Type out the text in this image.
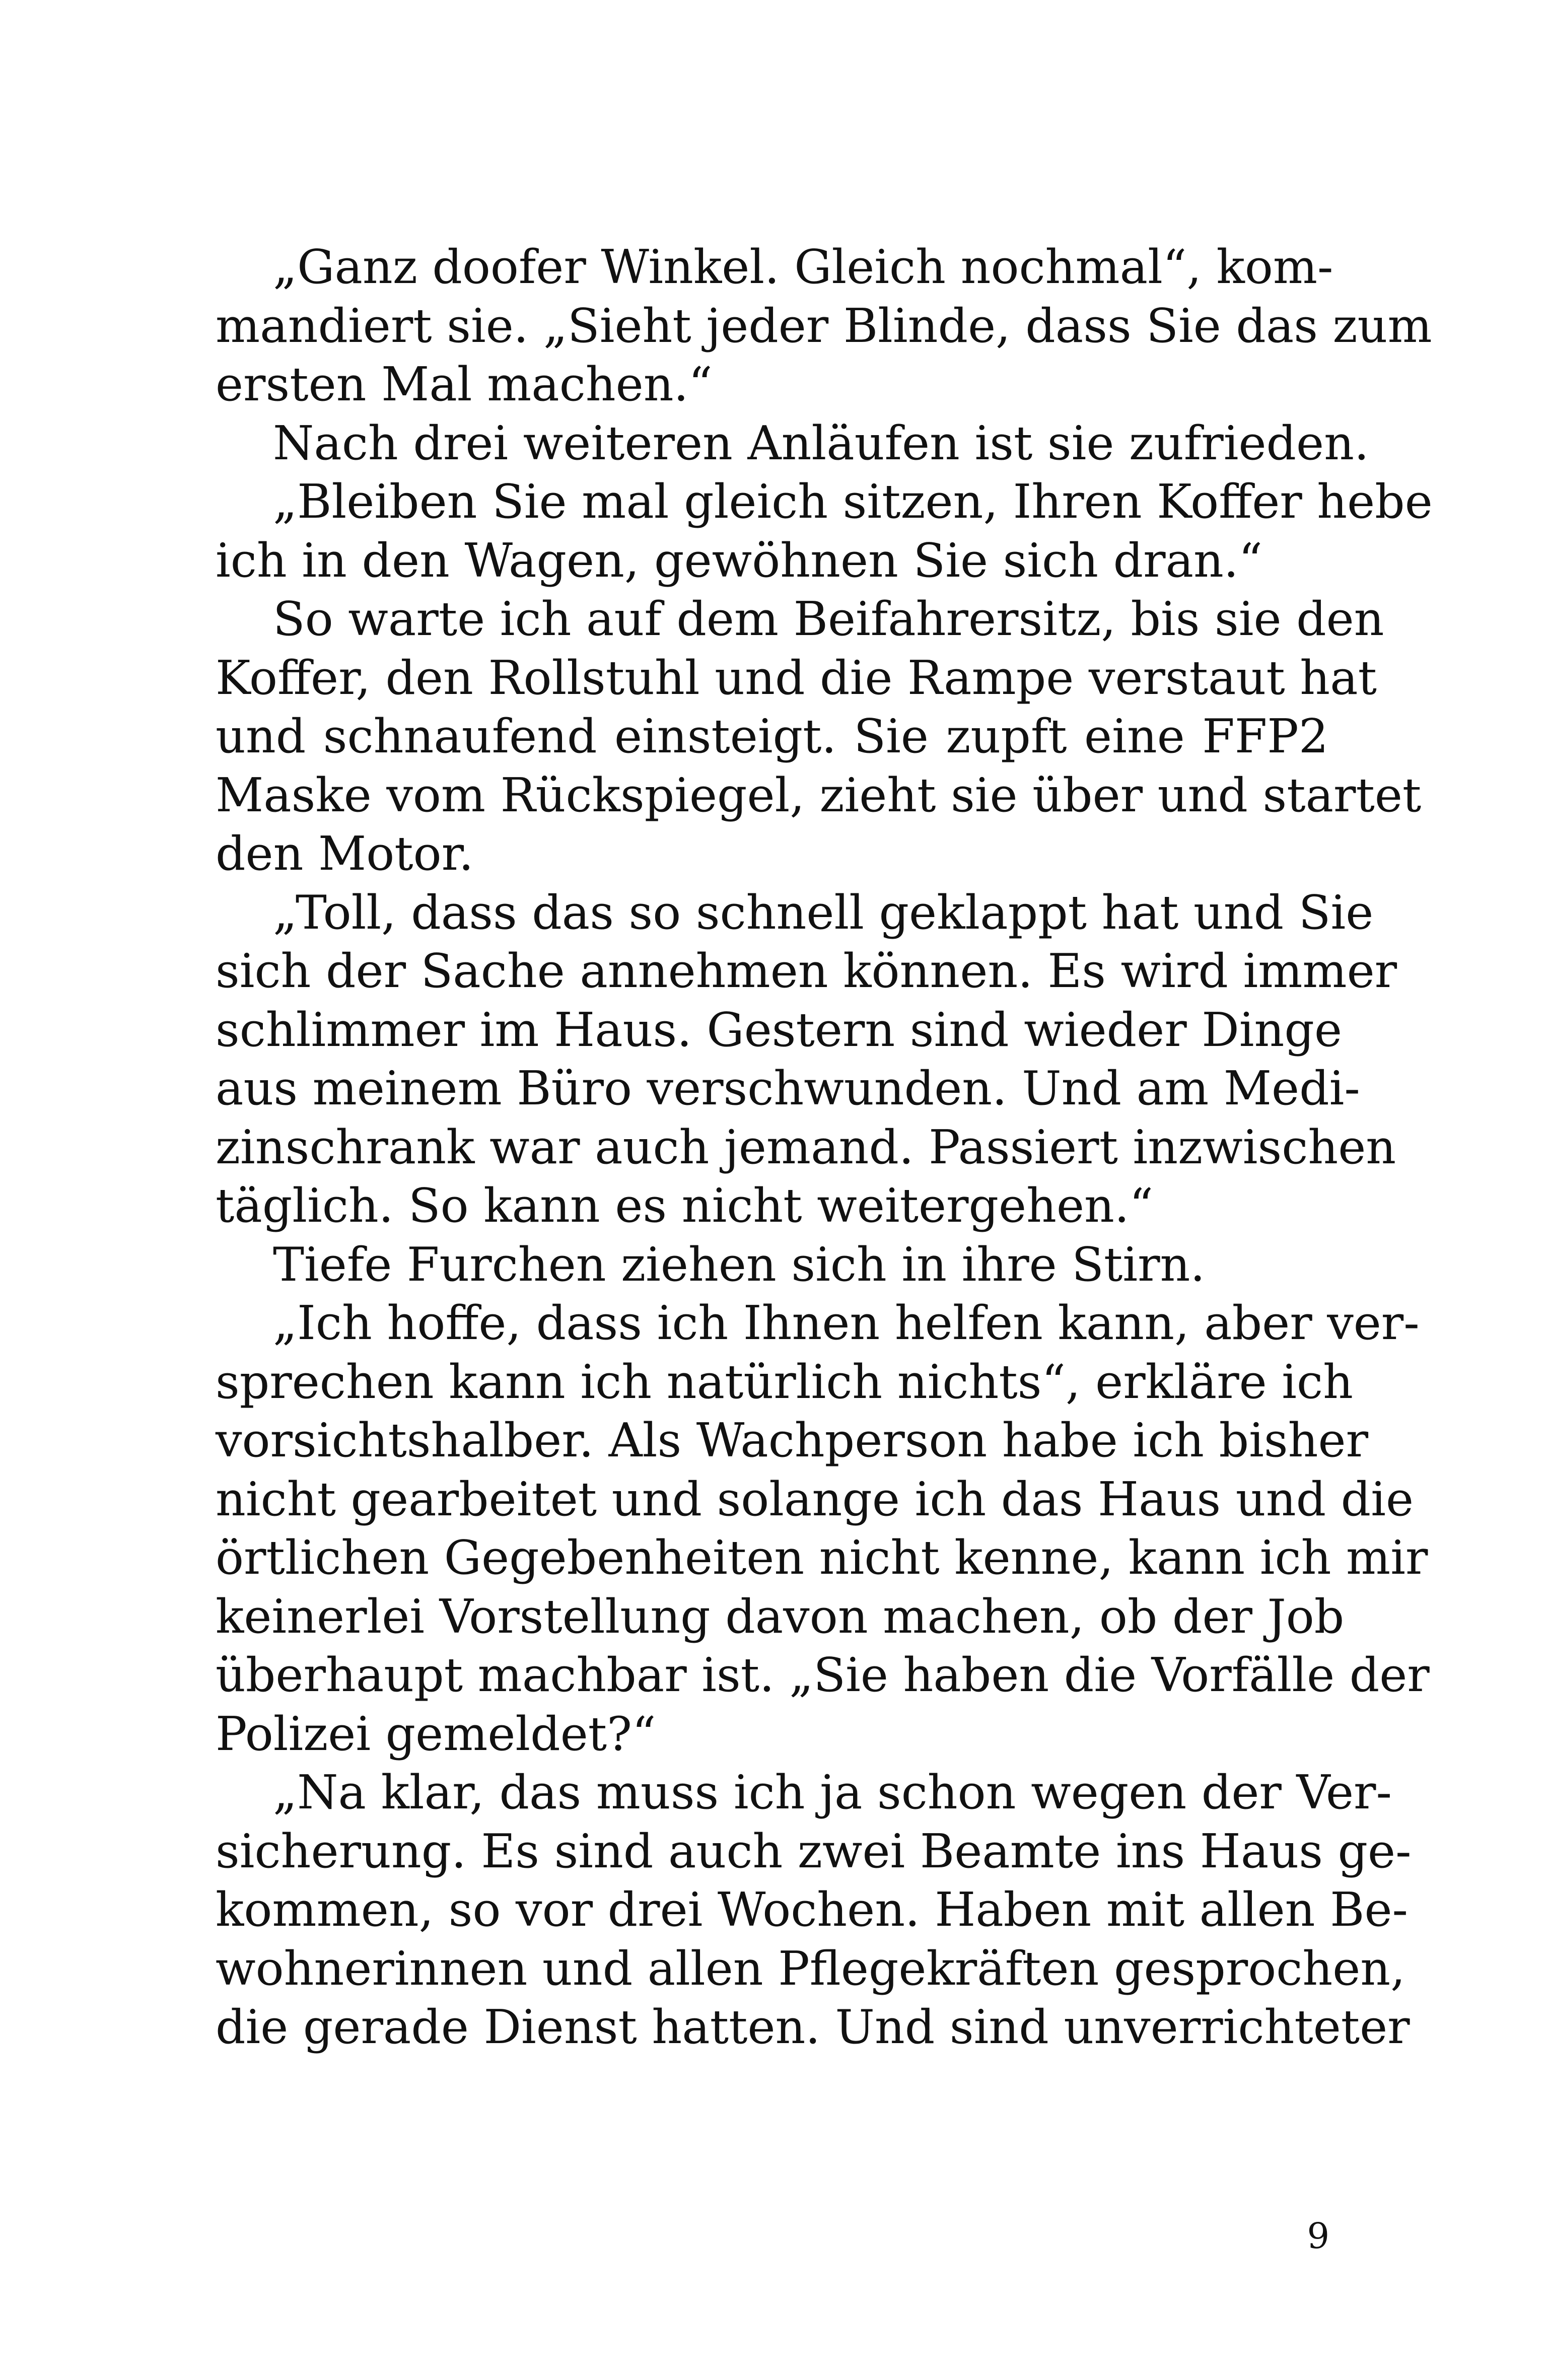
„Ganz doofer Winkel. Gleich nochmal“, kom-
mandiert sie. „Sieht jeder Blinde, dass Sie das zum
ersten Mal machen.“
Nach drei weiteren Anläufen ist sie zufrieden.
„Bleiben Sie mal gleich sitzen, Ihren Koffer hebe
ich in den Wagen, gewöhnen Sie sich dran.“
So warte ich auf dem Beifahrersitz, bis sie den
Koffer, den Rollstuhl und die Rampe verstaut hat
und schnaufend einsteigt. Sie zupft eine FFP2
Maske vom Rückspiegel, zieht sie über und startet
den Motor.
„Toll, dass das so schnell geklappt hat und Sie
sich der Sache annehmen können. Es wird immer
schlimmer im Haus. Gestern sind wieder Dinge
aus meinem Büro verschwunden. Und am Medi-
zinschrank war auch jemand. Passiert inzwischen
täglich. So kann es nicht weitergehen.“
Tiefe Furchen ziehen sich in ihre Stirn.
„Ich hoffe, dass ich Ihnen helfen kann, aber ver-
sprechen kann ich natürlich nichts“, erkläre ich
vorsichtshalber. Als Wachperson habe ich bisher
nicht gearbeitet und solange ich das Haus und die
örtlichen Gegebenheiten nicht kenne, kann ich mir
keinerlei Vorstellung davon machen, ob der Job
überhaupt machbar ist. „Sie haben die Vorfälle der
Polizei gemeldet?“
„Na klar, das muss ich ja schon wegen der Ver-
sicherung. Es sind auch zwei Beamte ins Haus ge-
kommen, so vor drei Wochen. Haben mit allen Be-
wohnerinnen und allen Pflegekräften gesprochen,
die gerade Dienst hatten. Und sind unverrichteter
9
